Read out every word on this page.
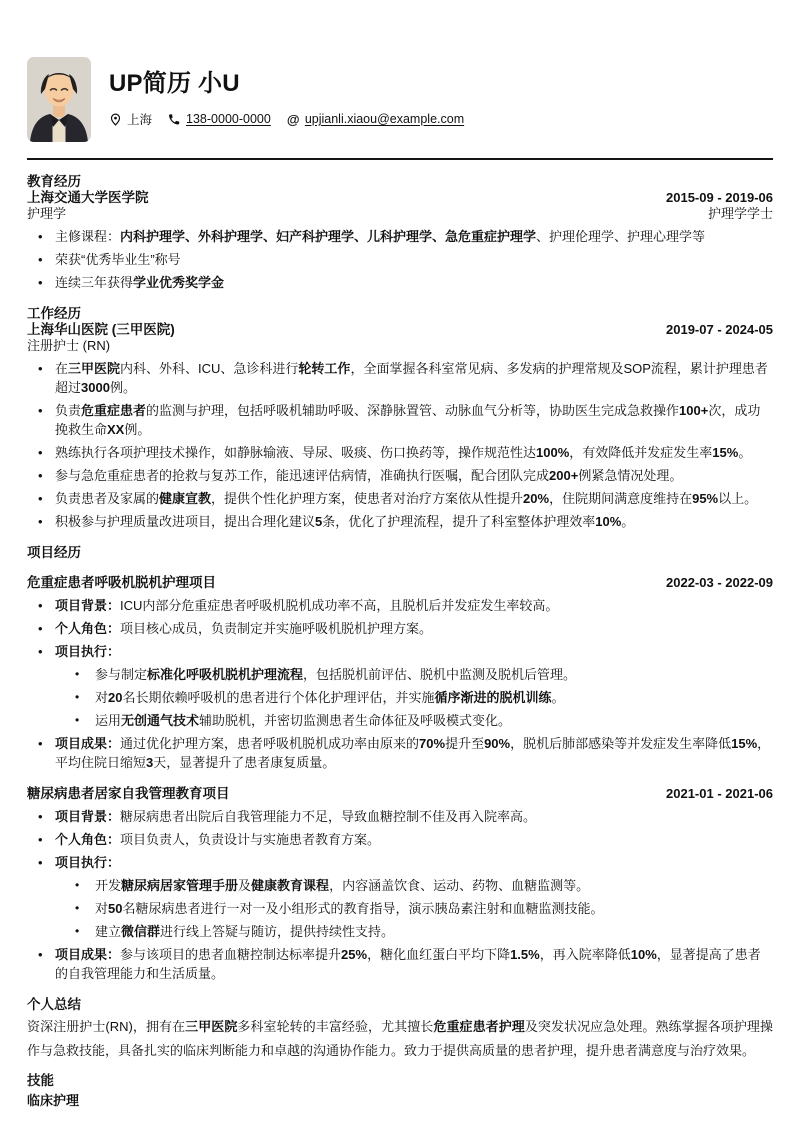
UP简历 小U
上海	138-0000-0000 @	upjianli.xiaou@example.com
教育经历
上海交通大学医学院	2015-09 - 2019-06
护理学	护理学学士
• 主修课程：内科护理学、外科护理学、妇产科护理学、儿科护理学、急危重症护理学、护理伦理学、护理心理学等
• 荣获“优秀毕业生”称号
• 连续三年获得学业优秀奖学金
工作经历
上海华山医院 (三甲医院)	2019-07 - 2024-05
注册护士 (RN)
• 在三甲医院内科、外科、ICU、急诊科进行轮转工作，全面掌握各科室常见病、多发病的护理常规及SOP流程，累计护理患者超过3000例。
• 负责危重症患者的监测与护理，包括呼吸机辅助呼吸、深静脉置管、动脉血气分析等，协助医生完成急救操作100+次，成功挽救生命XX例。
• 熟练执行各项护理技术操作，如静脉输液、导尿、吸痰、伤口换药等，操作规范性达100%，有效降低并发症发生率15%。
• 参与急危重症患者的抢救与复苏工作，能迅速评估病情，准确执行医嘱，配合团队完成200+例紧急情况处理。
• 负责患者及家属的健康宣教，提供个性化护理方案，使患者对治疗方案依从性提升20%，住院期间满意度维持在95%以上。
• 积极参与护理质量改进项目，提出合理化建议5条，优化了护理流程，提升了科室整体护理效率10%。
项目经历
危重症患者呼吸机脱机护理项目	2022-03 - 2022-09
• 项目背景：ICU内部分危重症患者呼吸机脱机成功率不高，且脱机后并发症发生率较高。
• 个人角色：项目核心成员，负责制定并实施呼吸机脱机护理方案。
• 项目执行：
• 参与制定标准化呼吸机脱机护理流程，包括脱机前评估、脱机中监测及脱机后管理。
• 对20名长期依赖呼吸机的患者进行个体化护理评估，并实施循序渐进的脱机训练。
• 运用无创通气技术辅助脱机，并密切监测患者生命体征及呼吸模式变化。
• 项目成果：通过优化护理方案，患者呼吸机脱机成功率由原来的70%提升至90%，脱机后肺部感染等并发症发生率降低15%，平均住院日缩短3天，显著提升了患者康复质量。
糖尿病患者居家自我管理教育项目	2021-01 - 2021-06
• 项目背景：糖尿病患者出院后自我管理能力不足，导致血糖控制不佳及再入院率高。
• 个人角色：项目负责人，负责设计与实施患者教育方案。
• 项目执行：
• 开发糖尿病居家管理手册及健康教育课程，内容涵盖饮食、运动、药物、血糖监测等。
• 对50名糖尿病患者进行一对一及小组形式的教育指导，演示胰岛素注射和血糖监测技能。
• 建立微信群进行线上答疑与随访，提供持续性支持。
• 项目成果：参与该项目的患者血糖控制达标率提升25%，糖化血红蛋白平均下降1.5%，再入院率降低10%，显著提高了患者的自我管理能力和生活质量。
个人总结
资深注册护士(RN)，拥有在三甲医院多科室轮转的丰富经验，尤其擅长危重症患者护理及突发状况应急处理。熟练掌握各项护理操作与急救技能，具备扎实的临床判断能力和卓越的沟通协作能力。致力于提供高质量的患者护理，提升患者满意度与治疗效果。
技能
临床护理
